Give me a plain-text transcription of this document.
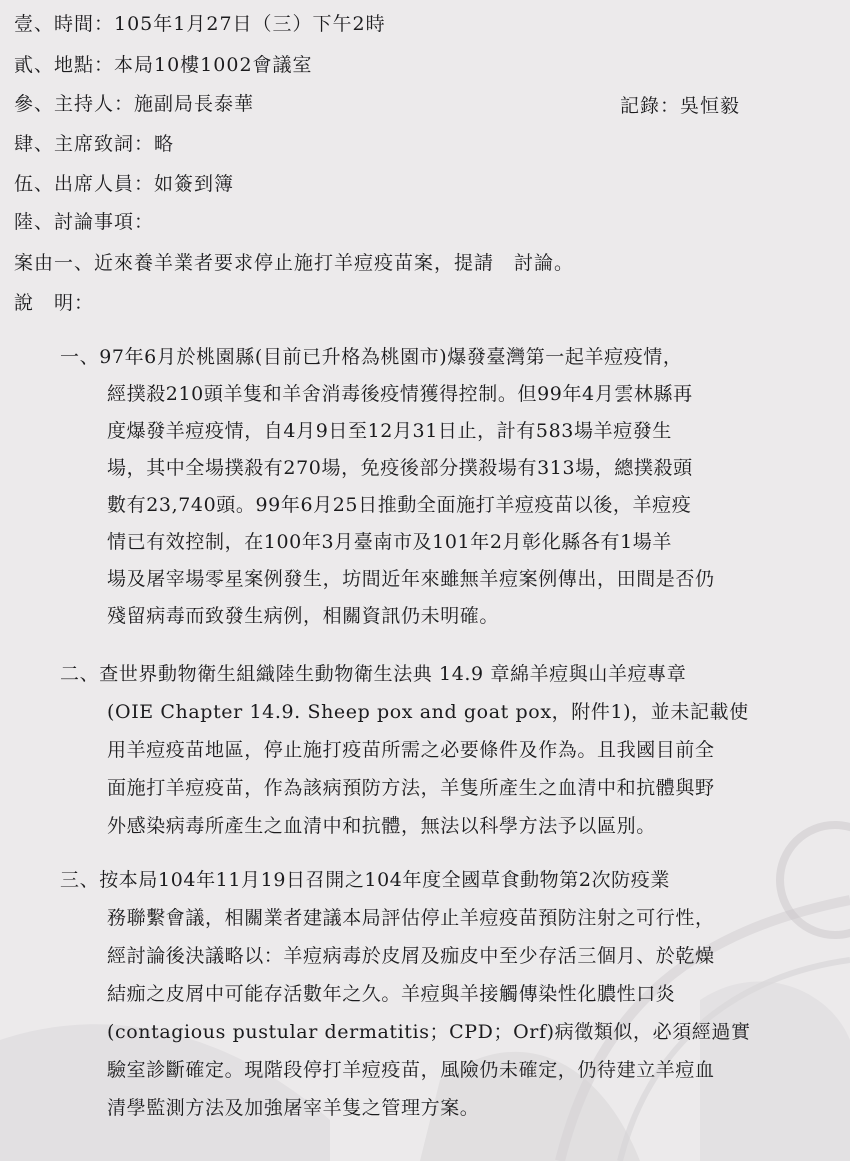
壹、時間：105年1月27日（三）下午2時
貳、地點：本局10樓1002會議室
參、主持人：施副局長泰華	記錄：吳恒毅
肆、主席致詞：略
伍、出席人員：如簽到簿
陸、討論事項：
案由一、近來養羊業者要求停止施打羊痘疫苗案，提請　討論。
說　明：
一、97年6月於桃園縣(目前已升格為桃園市)爆發臺灣第一起羊痘疫情，
經撲殺210頭羊隻和羊舍消毒後疫情獲得控制。但99年4月雲林縣再
度爆發羊痘疫情，自4月9日至12月31日止，計有583場羊痘發生
場，其中全場撲殺有270場，免疫後部分撲殺場有313場，總撲殺頭
數有23,740頭。99年6月25日推動全面施打羊痘疫苗以後，羊痘疫
情已有效控制，在100年3月臺南市及101年2月彰化縣各有1場羊
場及屠宰場零星案例發生，坊間近年來雖無羊痘案例傳出，田間是否仍
殘留病毒而致發生病例，相關資訊仍未明確。
二、查世界動物衛生組織陸生動物衛生法典 14.9 章綿羊痘與山羊痘專章
(OIE Chapter 14.9. Sheep pox and goat pox，附件1)，並未記載使
用羊痘疫苗地區，停止施打疫苗所需之必要條件及作為。且我國目前全
面施打羊痘疫苗，作為該病預防方法，羊隻所產生之血清中和抗體與野
外感染病毒所產生之血清中和抗體，無法以科學方法予以區別。
三、按本局104年11月19日召開之104年度全國草食動物第2次防疫業
務聯繫會議，相關業者建議本局評估停止羊痘疫苗預防注射之可行性，
經討論後決議略以：羊痘病毒於皮屑及痂皮中至少存活三個月、於乾燥
結痂之皮屑中可能存活數年之久。羊痘與羊接觸傳染性化膿性口炎
(contagious pustular dermatitis；CPD；Orf)病徵類似，必須經過實
驗室診斷確定。現階段停打羊痘疫苗，風險仍未確定，仍待建立羊痘血
清學監測方法及加強屠宰羊隻之管理方案。
